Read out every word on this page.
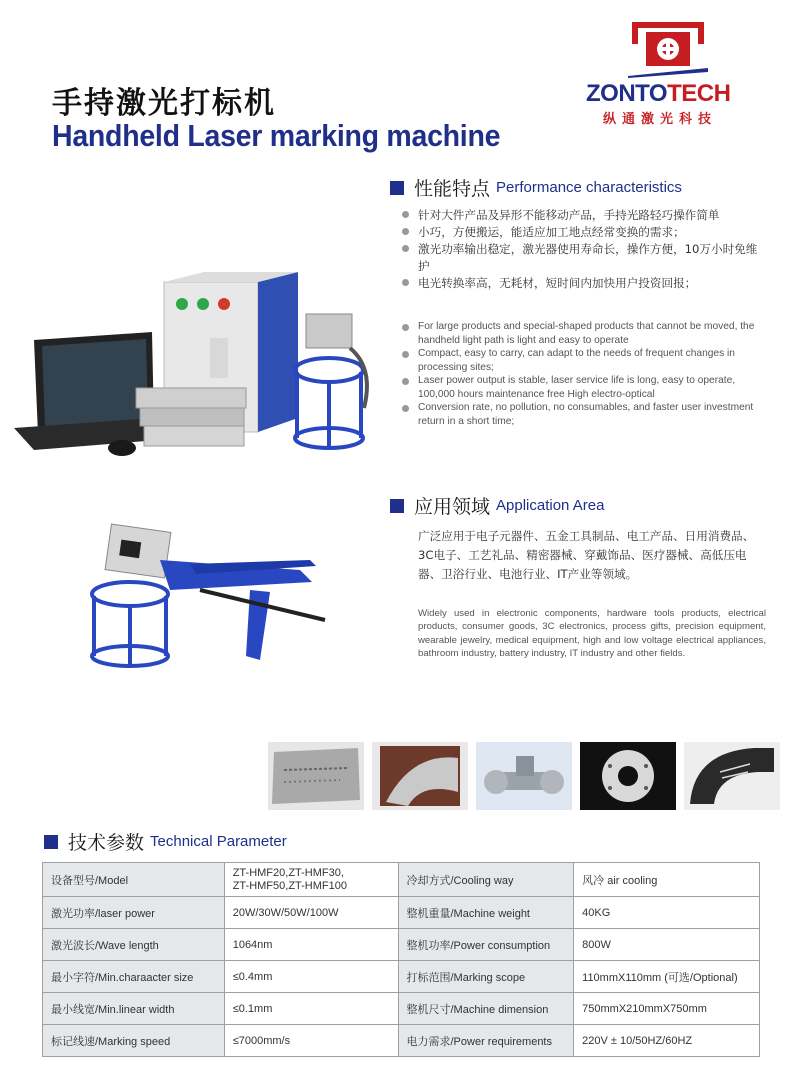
ZONTOTECH
纵通激光科技
手持激光打标机
Handheld Laser marking machine
性能特点 Performance characteristics
针对大件产品及异形不能移动产品，手持光路轻巧操作简单
小巧，方便搬运，能适应加工地点经常变换的需求；
激光功率输出稳定，激光器使用寿命长，操作方便，10万小时免维护
电光转换率高，无耗材，短时间内加快用户投资回报；
For large products and special-shaped products that cannot be moved, the handheld light path is light and easy to operate
Compact, easy to carry, can adapt to the needs of frequent changes in processing sites;
Laser power output is stable, laser service life is long, easy to operate, 100,000 hours maintenance free High electro-optical
Conversion rate, no pollution, no consumables, and faster user investment return in a short time;
应用领域 Application Area
广泛应用于电子元器件、五金工具制品、电工产品、日用消费品、3C电子、工艺礼品、精密器械、穿戴饰品、医疗器械、高低压电器、卫浴行业、电池行业、IT产业等领域。
Widely used in electronic components, hardware tools products, electrical products, consumer goods, 3C electronics, process gifts, precision equipment, wearable jewelry, medical equipment, high and low voltage electrical appliances, bathroom industry, battery industry, IT industry and other fields.
技术参数 Technical Parameter
设备型号/Model	ZT-HMF20,ZT-HMF30,
ZT-HMF50,ZT-HMF100	冷却方式/Cooling way	风冷 air cooling
激光功率/laser power	20W/30W/50W/100W	整机重量/Machine weight	40KG
激光波长/Wave length	1064nm	整机功率/Power consumption	800W
最小字符/Min.charaacter size	≤0.4mm	打标范围/Marking scope	110mmX110mm (可选/Optional)
最小线宽/Min.linear width	≤0.1mm	整机尺寸/Machine dimension	750mmX210mmX750mm
标记线速/Marking speed	≤7000mm/s	电力需求/Power requirements	220V ± 10/50HZ/60HZ
